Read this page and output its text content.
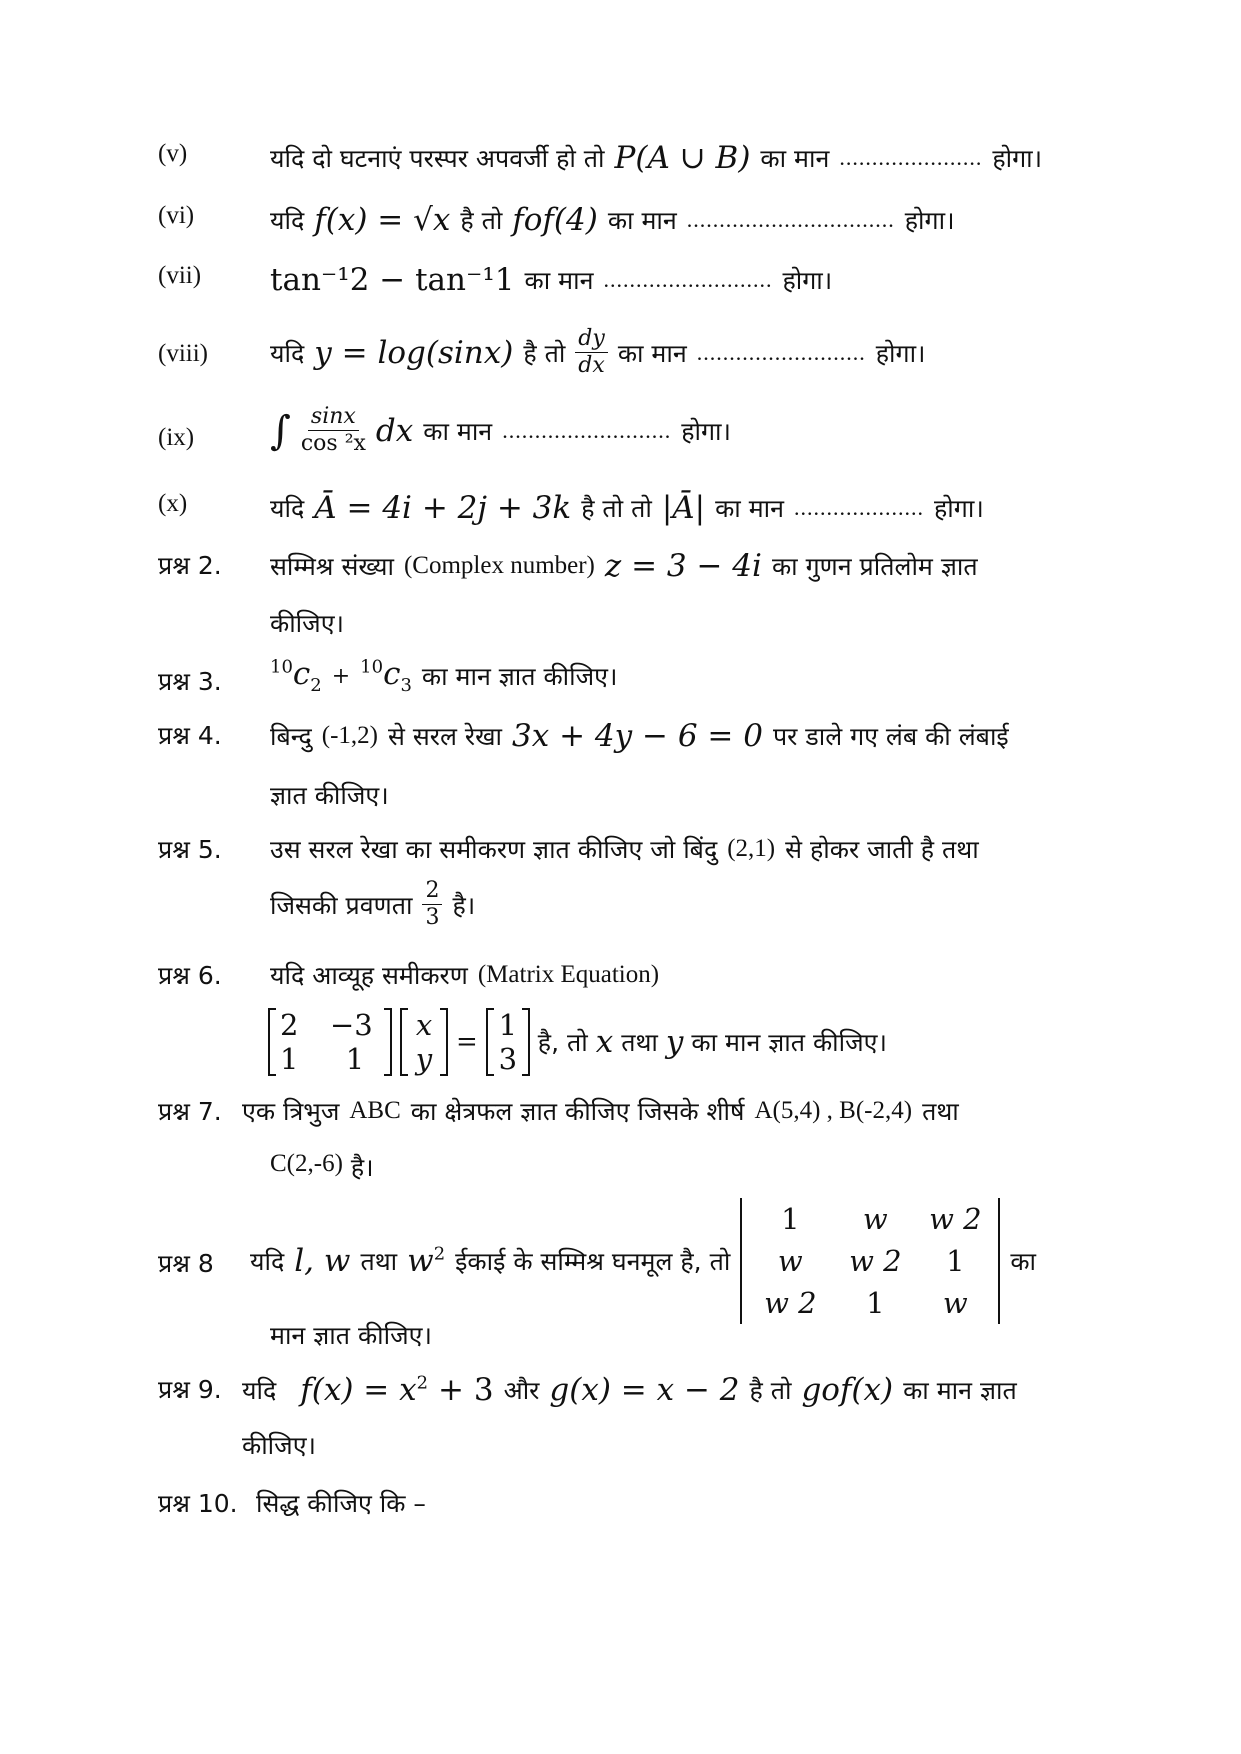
(v)	यदि दो घटनाएं परस्पर अपवर्जी हो तो P(A ∪ B) का मान ...................... होगा।
(vi)	यदि f(x) = √x है तो fof(4) का मान ................................ होगा।
(vii) tan⁻¹2 − tan⁻¹1 का मान .......................... होगा।
(viii) यदि y = log(sinx) है तो $\frac{dy}{dx}$ का मान .......................... होगा।
(ix) ∫ $\frac{\sin x}{\text{cos ²x}}$ dx का मान .......................... होगा।
(x)	यदि Ā = 4i + 2j + 3k है तो तो |Ā| का मान .................... होगा।
प्रश्न 2. सम्मिश्र संख्या (Complex number) z = 3 − 4i का गुणन प्रतिलोम ज्ञात
कीजिए।
प्रश्न 3.	$^{10}c_2 + ^{10}c_3$ का मान ज्ञात कीजिए।
प्रश्न 4. बिन्दु (-1,2) से सरल रेखा 3x + 4y − 6 = 0 पर डाले गए लंब की लंबाई
ज्ञात कीजिए।
प्रश्न 5. उस सरल रेखा का समीकरण ज्ञात कीजिए जो बिंदु (2,1) से होकर जाती है तथा
जिसकी प्रवणता $\frac{2}{3}$ है।
प्रश्न 6. यदि आव्यूह समीकरण (Matrix Equation)
2	−3
1	1
x
y = 1
3 है, तो x तथा y का मान ज्ञात कीजिए।
प्रश्न 7. एक त्रिभुज ABC का क्षेत्रफल ज्ञात कीजिए जिसके शीर्ष A(5,4) , B(-2,4) तथा
C(2,-6) है।
प्रश्न 8 यदि l, w तथा $w^2$ ईकाई के सम्मिश्र घनमूल है, तो
1	w	w 2
w	w 2	1
w 2	1	w
का
मान ज्ञात कीजिए।
प्रश्न 9. यदि $f(x) = x^2 + 3$ और g(x) = x − 2 है तो gof(x) का मान ज्ञात
कीजिए।
प्रश्न 10. सिद्ध कीजिए कि –
